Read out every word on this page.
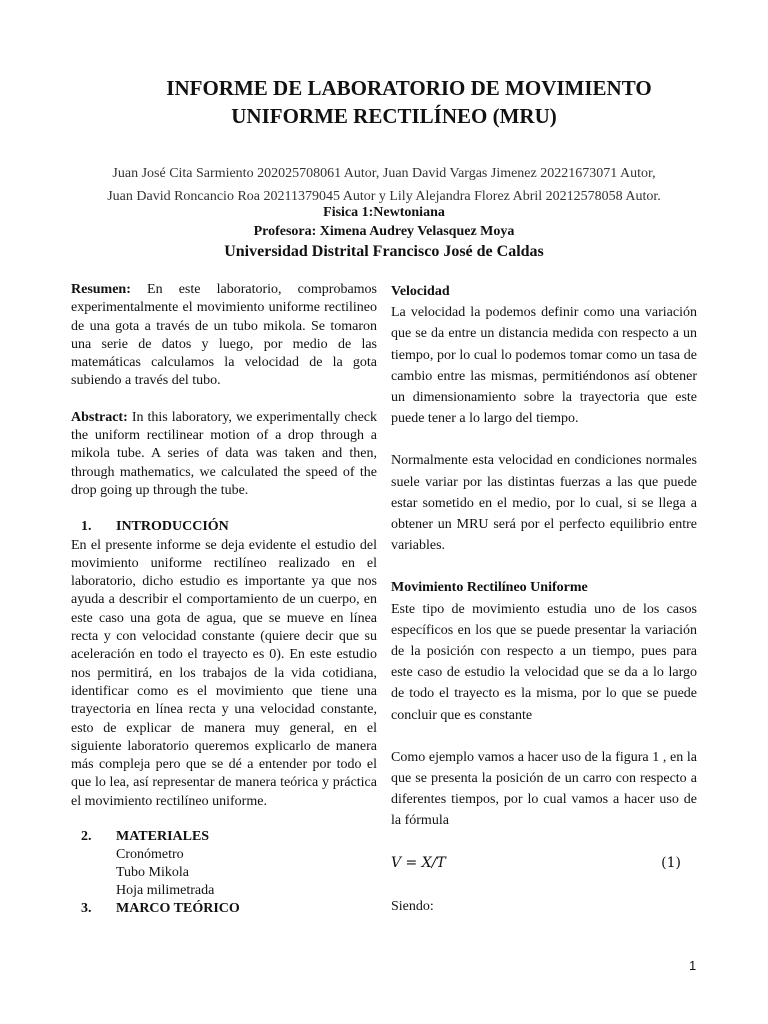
INFORME DE LABORATORIO DE MOVIMIENTO
UNIFORME RECTILÍNEO (MRU)
Juan José Cita Sarmiento 202025708061 Autor, Juan David Vargas Jimenez 20221673071 Autor,
Juan David Roncancio Roa 20211379045 Autor y Lily Alejandra Florez Abril 20212578058 Autor.
Fisica 1:Newtoniana
Profesora: Ximena Audrey Velasquez Moya
Universidad Distrital Francisco José de Caldas

Resumen: En este laboratorio, comprobamos experimentalmente el movimiento uniforme rectilineo de una gota a través de un tubo mikola. Se tomaron una serie de datos y luego, por medio de las matemáticas calculamos la velocidad de la gota subiendo a través del tubo.

Abstract: In this laboratory, we experimentally check the uniform rectilinear motion of a drop through a mikola tube. A series of data was taken and then, through mathematics, we calculated the speed of the drop going up through the tube.

1. INTRODUCCIÓN

En el presente informe se deja evidente el estudio del movimiento uniforme rectilíneo realizado en el laboratorio, dicho estudio es importante ya que nos ayuda a describir el comportamiento de un cuerpo, en este caso una gota de agua, que se mueve en línea recta y con velocidad constante (quiere decir que su aceleración en todo el trayecto es 0). En este estudio nos permitirá, en los trabajos de la vida cotidiana, identificar como es el movimiento que tiene una trayectoria en línea recta y una velocidad constante, esto de explicar de manera muy general, en el siguiente laboratorio queremos explicarlo de manera más compleja pero que se dé a entender por todo el que lo lea, así representar de manera teórica y práctica el movimiento rectilíneo uniforme.

2. MATERIALES
Cronómetro
Tubo Mikola
Hoja milimetrada
3. MARCO TEÓRICO
Velocidad

La velocidad la podemos definir como una variación que se da entre un distancia medida con respecto a un tiempo, por lo cual lo podemos tomar como un tasa de cambio entre las mismas, permitiéndonos así obtener un dimensionamiento sobre la trayectoria que este puede tener a lo largo del tiempo.

Normalmente esta velocidad en condiciones normales suele variar por las distintas fuerzas a las que puede estar sometido en el medio, por lo cual, si se llega a obtener un MRU será por el perfecto equilibrio entre variables.

Movimiento Rectilíneo Uniforme

Este tipo de movimiento estudia uno de los casos específicos en los que se puede presentar la variación de la posición con respecto a un tiempo, pues para este caso de estudio la velocidad que se da a lo largo de todo el trayecto es la misma, por lo que se puede concluir que es constante

Como ejemplo vamos a hacer uso de la figura 1 , en la que se presenta la posición de un carro con respecto a diferentes tiempos, por lo cual vamos a hacer uso de la fórmula

V = X/T	(1)
Siendo:
1
